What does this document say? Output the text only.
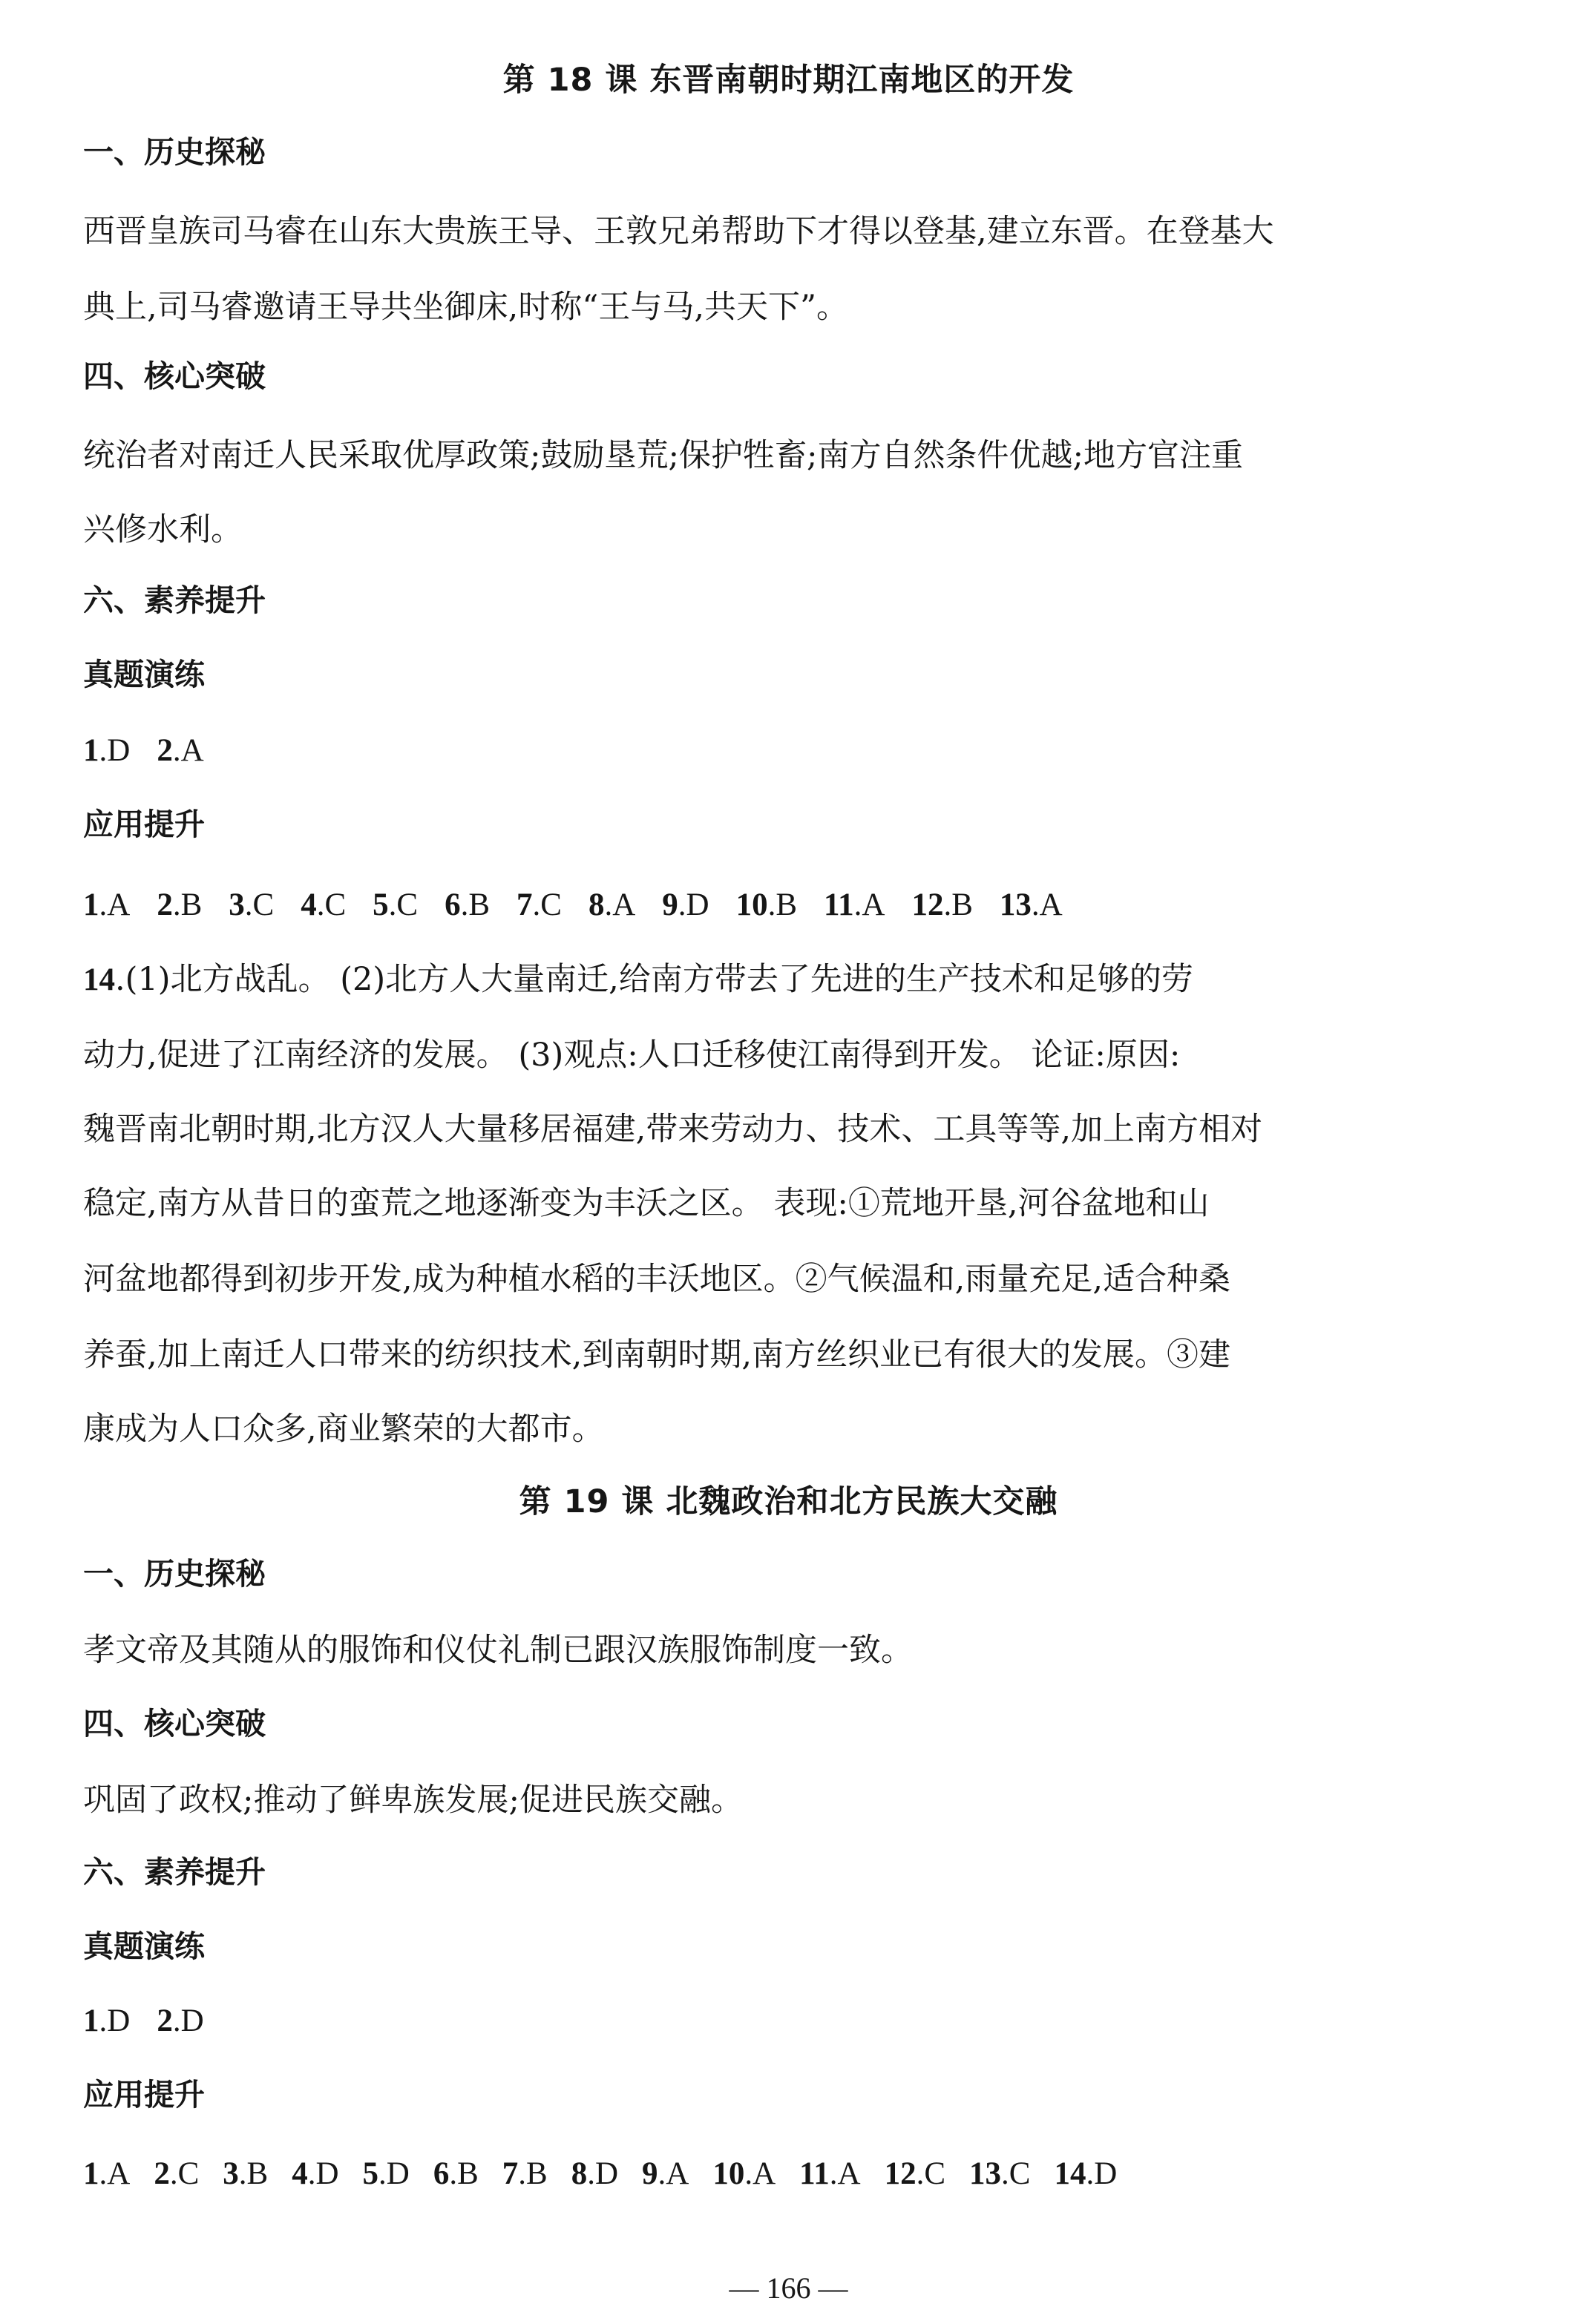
第 18 课 东晋南朝时期江南地区的开发
一、历史探秘
西晋皇族司马睿在山东大贵族王导、王敦兄弟帮助下才得以登基,建立东晋。在登基大
典上,司马睿邀请王导共坐御床,时称“王与马,共天下”。
四、核心突破
统治者对南迁人民采取优厚政策;鼓励垦荒;保护牲畜;南方自然条件优越;地方官注重
兴修水利。
六、素养提升
真题演练
1.D 2.A
应用提升
1.A 2.B 3.C 4.C 5.C 6.B 7.C 8.A 9.D 10.B 11.A 12.B 13.A
14.(1)北方战乱。 (2)北方人大量南迁,给南方带去了先进的生产技术和足够的劳
动力,促进了江南经济的发展。 (3)观点:人口迁移使江南得到开发。 论证:原因:
魏晋南北朝时期,北方汉人大量移居福建,带来劳动力、技术、工具等等,加上南方相对
稳定,南方从昔日的蛮荒之地逐渐变为丰沃之区。 表现:①荒地开垦,河谷盆地和山
河盆地都得到初步开发,成为种植水稻的丰沃地区。②气候温和,雨量充足,适合种桑
养蚕,加上南迁人口带来的纺织技术,到南朝时期,南方丝织业已有很大的发展。③建
康成为人口众多,商业繁荣的大都市。
第 19 课 北魏政治和北方民族大交融
一、历史探秘
孝文帝及其随从的服饰和仪仗礼制已跟汉族服饰制度一致。
四、核心突破
巩固了政权;推动了鲜卑族发展;促进民族交融。
六、素养提升
真题演练
1.D 2.D
应用提升
1.A 2.C 3.B 4.D 5.D 6.B 7.B 8.D 9.A 10.A 11.A 12.C 13.C 14.D
— 166 —
